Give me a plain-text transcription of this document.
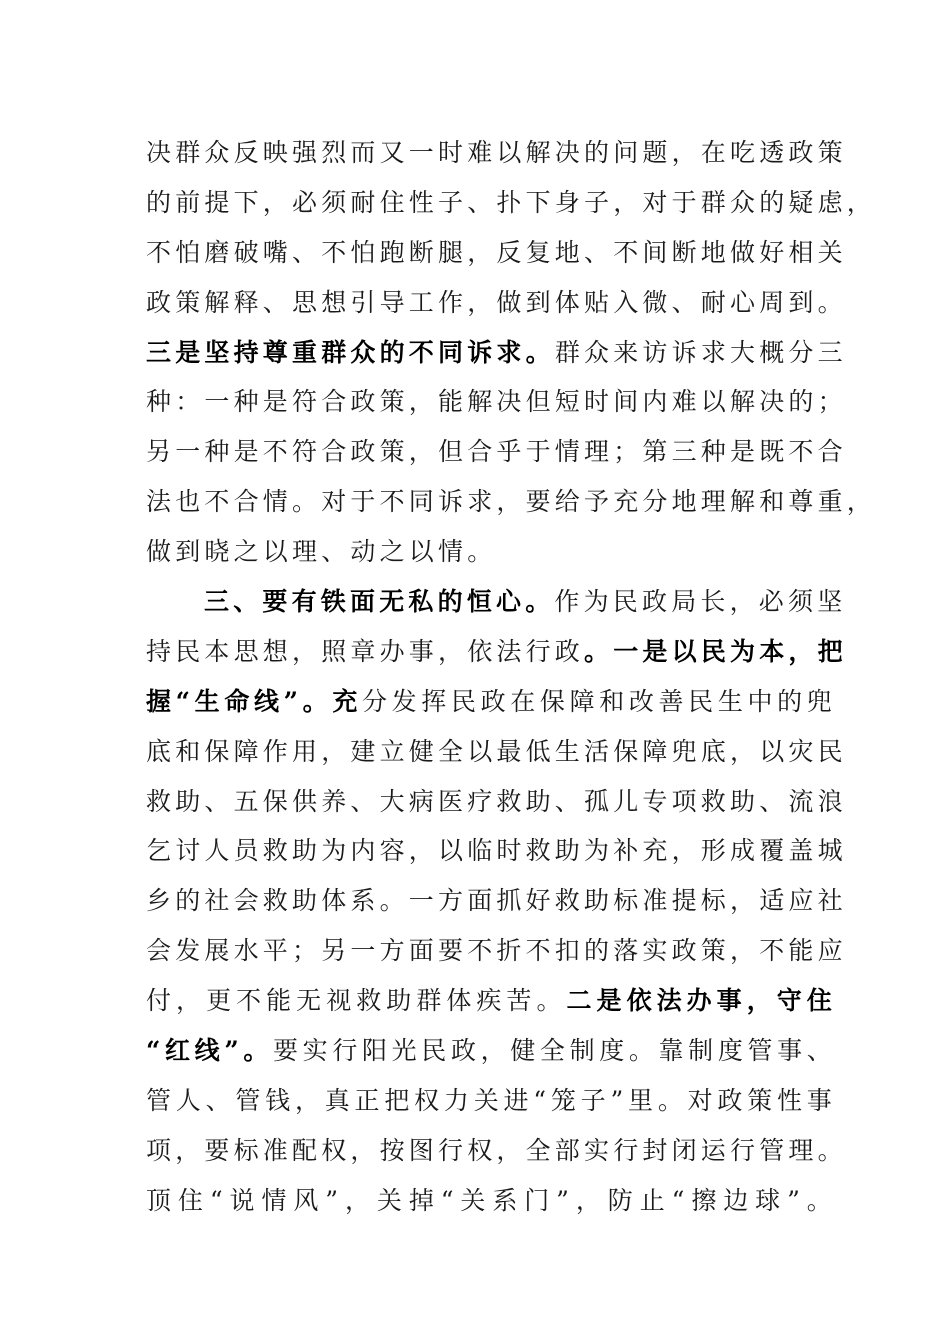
决群众反映强烈而又一时难以解决的问题，在吃透政策
的前提下，必须耐住性子、扑下身子，对于群众的疑虑，
不怕磨破嘴、不怕跑断腿，反复地、不间断地做好相关
政策解释、思想引导工作，做到体贴入微、耐心周到。
三是坚持尊重群众的不同诉求。群众来访诉求大概分三
种：一种是符合政策，能解决但短时间内难以解决的；
另一种是不符合政策，但合乎于情理；第三种是既不合
法也不合情。对于不同诉求，要给予充分地理解和尊重，
做到晓之以理、动之以情。
三、要有铁面无私的恒心。作为民政局长，必须坚
持民本思想，照章办事，依法行政。一是以民为本，把
握“生命线”。充分发挥民政在保障和改善民生中的兜
底和保障作用，建立健全以最低生活保障兜底，以灾民
救助、五保供养、大病医疗救助、孤儿专项救助、流浪
乞讨人员救助为内容，以临时救助为补充，形成覆盖城
乡的社会救助体系。一方面抓好救助标准提标，适应社
会发展水平；另一方面要不折不扣的落实政策，不能应
付，更不能无视救助群体疾苦。二是依法办事，守住
“红线”。要实行阳光民政，健全制度。靠制度管事、
管人、管钱，真正把权力关进“笼子”里。对政策性事
项，要标准配权，按图行权，全部实行封闭运行管理。
顶住“说情风”，关掉“关系门”，防止“擦边球”。
